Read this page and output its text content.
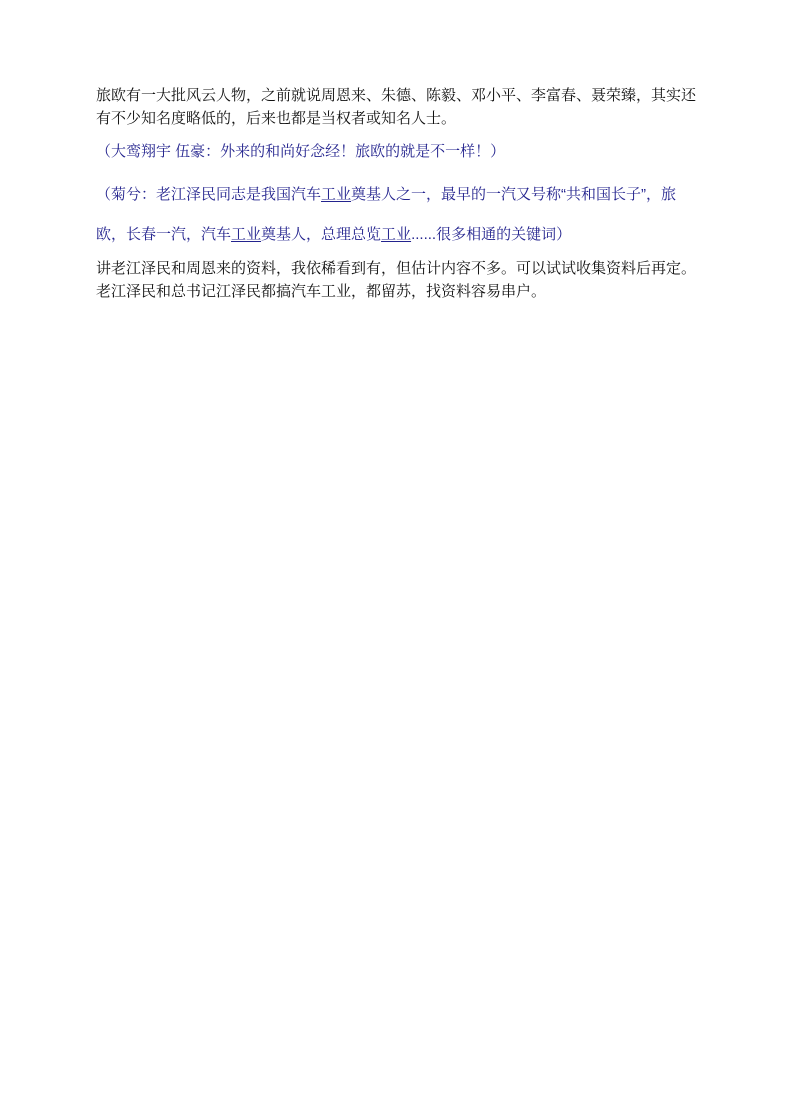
旅欧有一大批风云人物，之前就说周恩来、朱德、陈毅、邓小平、李富春、聂荣臻，其实还有不少知名度略低的，后来也都是当权者或知名人士。

（大鸾翔宇 伍豪：外来的和尚好念经！旅欧的就是不一样！）

（菊兮：老江泽民同志是我国汽车工业奠基人之一，最早的一汽又号称“共和国长子”，旅欧，长春一汽，汽车工业奠基人，总理总览工业......很多相通的关键词）

讲老江泽民和周恩来的资料，我依稀看到有，但估计内容不多。可以试试收集资料后再定。老江泽民和总书记江泽民都搞汽车工业，都留苏，找资料容易串户。
